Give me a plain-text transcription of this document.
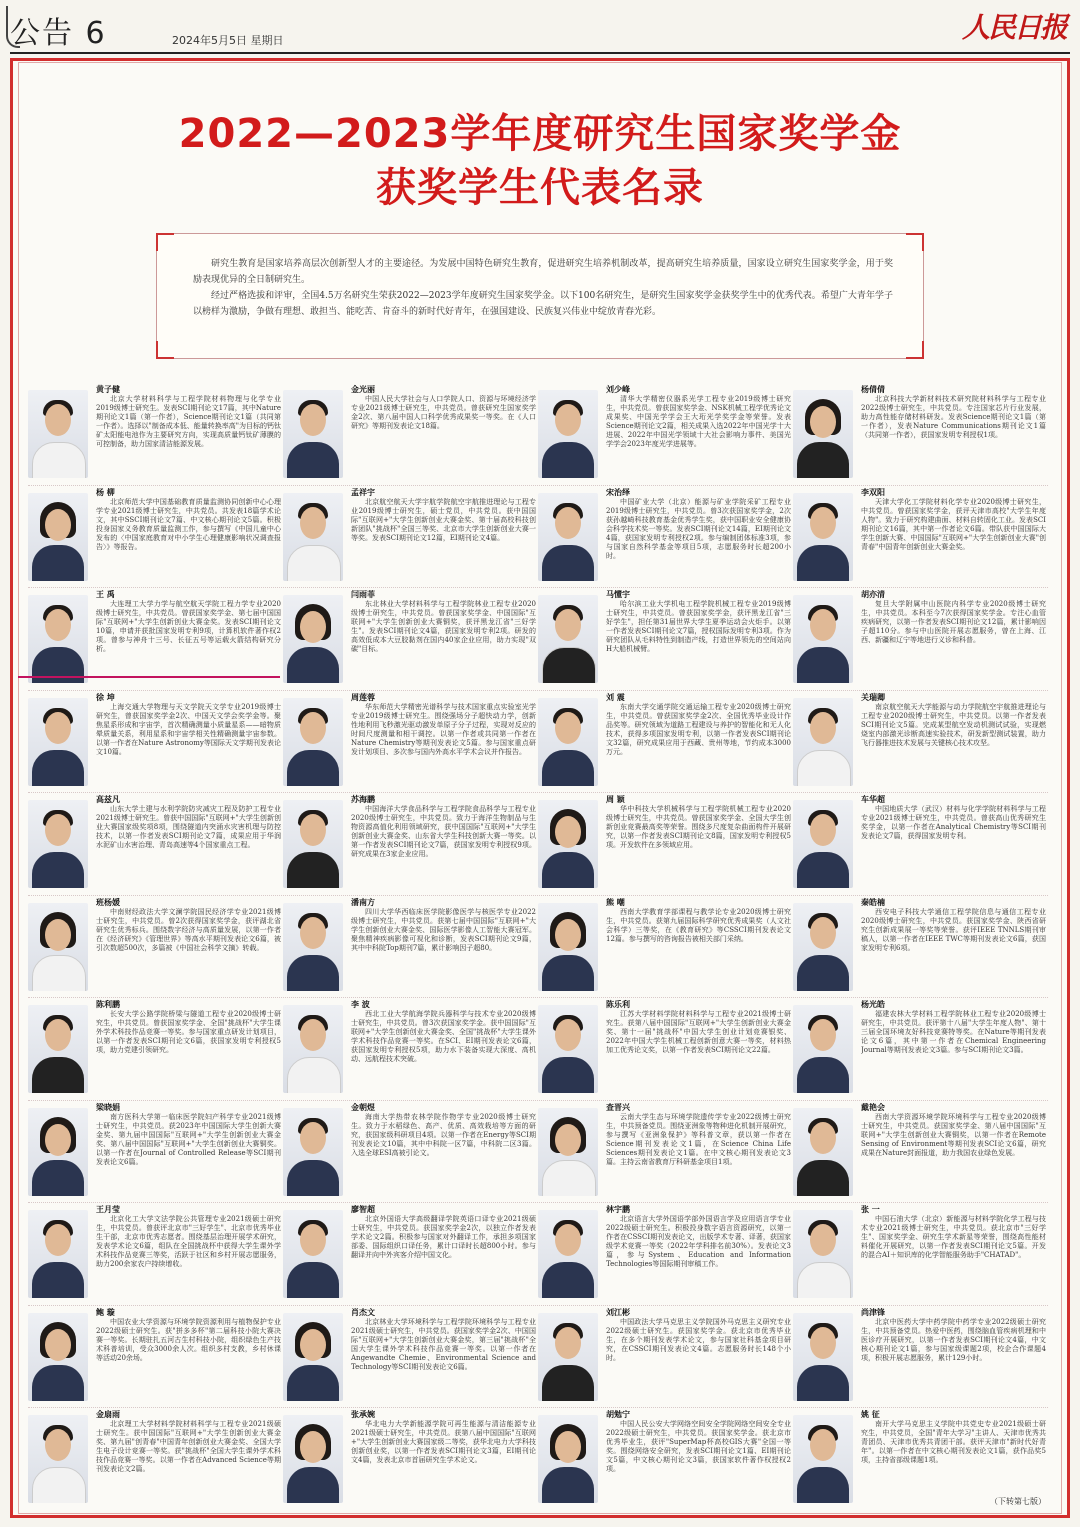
公告 6	2024年5月5日 星期日	人民日报
2022—2023学年度研究生国家奖学金
获奖学生代表名录

研究生教育是国家培养高层次创新型人才的主要途径。为发展中国特色研究生教育，促进研究生培养机制改革，提高研究生培养质量，国家设立研究生国家奖学金，用于奖励表现优异的全日制研究生。

经过严格选拔和评审，全国4.5万名研究生荣获2022—2023学年度研究生国家奖学金。以下100名研究生，是研究生国家奖学金获奖学生中的优秀代表。希望广大青年学子以榜样为激励，争做有理想、敢担当、能吃苦、肯奋斗的新时代好青年，在强国建设、民族复兴伟业中绽放青春光彩。

黄子健
北京大学材料科学与工程学院材料物理与化学专业2019级博士研究生。发表SCI期刊论文17篇，其中Nature期刊论文1篇（第一作者），Science期刊论文1篇（共同第一作者）。选择以"制备成本低、能量转换率高"为目标的钙钛矿太阳能电池作为主要研究方向，实现高质量钙钛矿薄膜的可控制备，助力国家清洁能源发展。
金光丽
中国人民大学社会与人口学院人口、资源与环境经济学专业2021级博士研究生，中共党员。曾获研究生国家奖学金2次、第八届中国人口科学优秀成果奖一等奖。在《人口研究》等期刊发表论文18篇。
刘少峰
清华大学精密仪器系光学工程专业2019级博士研究生，中共党员。曾获国家奖学金、NSK机械工程学优秀论文成果奖、中国光学学会王大珩光学奖学金等荣誉。发表Science期刊论文2篇，相关成果入选2022年中国光学十大进展、2022年中国光学领域十大社会影响力事件、美国光学学会2023年度光学进展等。
杨倩倩
北京科技大学新材料技术研究院材料科学与工程专业2022级博士研究生，中共党员。专注国家芯片行业发展，助力高性能存储材料研发。发表Science期刊论文1篇（第一作者），发表Nature Communications期刊论文1篇（共同第一作者），获国家发明专利授权1项。
杨 柳
北京师范大学中国基础教育质量监测协同创新中心心理学专业2021级博士研究生，中共党员。共发表18篇学术论文，其中SSCI期刊论文7篇、中文核心期刊论文5篇。积极投身国家义务教育质量监测工作，参与撰写《中国儿童中心发布的〈中国家庭教育对中小学生心理健康影响状况调查报告〉》等报告。
孟祥宇
北京航空航天大学宇航学院航空宇航推进理论与工程专业2019级博士研究生，硕士党员，中共党员。获中国国际"互联网+"大学生创新创业大赛金奖、第十届高校科技创新团队"挑战杯"全国三等奖、北京市大学生创新创业大赛一等奖。发表SCI期刊论文12篇，EI期刊论文4篇。
宋治绎
中国矿业大学（北京）能源与矿业学院采矿工程专业2019级博士研究生，中共党员。曾3次获国家奖学金，2次获孙越崎科技教育基金优秀学生奖，获中国职业安全健康协会科学技术奖一等奖。发表SCI期刊论文14篇，EI期刊论文4篇，获国家发明专利授权2项。参与编制团体标准3项，参与国家自然科学基金等项目5项，志愿服务时长超200小时。
李双阳
天津大学化工学院材料化学专业2020级博士研究生，中共党员。曾获国家奖学金，获评天津市高校"大学生年度人物"。致力于研究构建曲面、材料自转固化工业。发表SCI期刊论文16篇，其中第一作者论文6篇。带队获中国国际大学生创新大赛、中国国际"互联网+"大学生创新创业大赛"创青春"中国青年创新创业大赛金奖。
王 禹
大连理工大学力学与航空航天学院工程力学专业2020级博士研究生，中共党员。曾获国家奖学金、第七届中国国际"互联网+"大学生创新创业大赛金奖。发表SCI期刊论文10篇，申请并获批国家发明专利9项，计算机软件著作权2项。曾参与神舟十三号、长征五号等运载火箭结构研究分析。
闫雨菲
东北林业大学材料科学与工程学院林业工程专业2020级博士研究生，中共党员。曾获国家奖学金、中国国际"互联网+"大学生创新创业大赛铜奖，获评黑龙江省"三好学生"。发表SCI期刊论文4篇，获国家发明专利2项。研发的高效低成本大豆胶黏剂在国内40家企业应用，助力实现"双碳"目标。
马懂宇
哈尔滨工业大学机电工程学院机械工程专业2019级博士研究生，中共党员。曾获国家奖学金，获评黑龙江省"三好学生"，担任第31届世界大学生夏季运动会火炬手。以第一作者发表SCI期刊论文7篇，授权国际发明专利3项。作为研究团队从毛料特性到制造产线，打造世界领先的空间站向H大船机械臂。
胡亦清
复旦大学附属中山医院内科学专业2020级博士研究生，中共党员。本科至今7次获得国家奖学金。专注心血管疾病研究，以第一作者发表SCI期刊论文12篇，累计影响因子超110分。参与中山医院开展志愿服务，曾在上海、江西、新疆和辽宁等地进行义诊和科普。
徐 坤
上海交通大学物理与天文学院天文学专业2019级博士研究生，曾获国家奖学金2次、中国天文学会奖学金等。聚焦星系形成和宇宙学，首次精确测量小质量星系——暗物质晕质量关系，利用星系和宇宙学相关性精确测量宇宙参数。以第一作者在Nature Astronomy等国际天文学期刊发表论文10篇。
周莲蓉
华东师范大学精密光谱科学与技术国家重点实验室光学专业2019级博士研究生。围绕强场分子超快动力学，创新性地利用飞秒激光驱动激发单原子分子过程，实现对反应的时间尺度测量和相干调控。以第一作者或共同第一作者在Nature Chemistry等期刊发表论文5篇。参与国家重点研发计划项目、多次参与国内外高水平学术会议并作报告。
刘 震
东南大学交通学院交通运输工程专业2020级博士研究生，中共党员。曾获国家奖学金2次、全国优秀毕业设计作品奖等。研究领域为道路工程建设与养护的智能化和无人化技术，获得多项国家发明专利，以第一作者发表SCI期刊论文32篇，研究成果应用于西藏、贵州等地，节约成本3000万元。
关瑞卿
南京航空航天大学能源与动力学院航空宇航推进理论与工程专业2020级博士研究生，中共党员。以第一作者发表SCI期刊论文5篇。完成某型航空发动机测试试验，实现燃烧室内部激光诊断高速实验技术，研发新型测试装置，助力飞行器推进技术发展与关键核心技术攻坚。
高兹凡
山东大学土建与水利学院防灾减灾工程及防护工程专业2021级博士研究生。曾获中国国际"互联网+"大学生创新创业大赛国家级奖项8项，围绕隧道内突涌水灾害机理与防控技术，以第一作者发表SCI期刊论文7篇，成果应用于华润水泥矿山水害治理、青岛高速等4个国家重点工程。
苏海鹏
中国海洋大学食品科学与工程学院食品科学与工程专业2020级博士研究生，中共党员。致力于海洋生物制品与生物资源高值化利用领域研究，获中国国际"互联网+"大学生创新创业大赛金奖、山东省大学生科技创新大赛一等奖。以第一作者发表SCI期刊论文7篇，获国家发明专利授权9项。研究成果在3家企业应用。
周 颖
华中科技大学机械科学与工程学院机械工程专业2020级博士研究生，中共党员。曾获国家奖学金、全国大学生创新创业竞赛最高奖等荣誉。围绕多尺度复杂曲面构件开展研究，以第一作者发表SCI期刊论文8篇，国家发明专利授权5项。开发软件在多领域应用。
车华超
中国地质大学（武汉）材料与化学学院材料科学与工程专业2021级博士研究生，中共党员。曾获高山优秀研究生奖学金，以第一作者在Analytical Chemistry等SCI期刊发表论文7篇，获得国家发明专利。
班杨媛
中南财经政法大学文澜学院国民经济学专业2021级博士研究生，中共党员。曾2次获得国家奖学金，获评湖北省研究生优秀标兵。围绕数字经济与高质量发展，以第一作者在《经济研究》《管理世界》等高水平期刊发表论文6篇，被引次数超500次，多篇被《中国社会科学文摘》转载。
潘南方
四川大学华西临床医学院影像医学与核医学专业2022级博士研究生，中共党员。获第七届中国国际"互联网+"大学生创新创业大赛金奖、国际医学影像人工智能大赛冠军。聚焦精神疾病影像可视化和诊断，发表SCI期刊论文9篇，其中中科院Top期刊7篇，累计影响因子超80。
熊 嘲
西南大学教育学部课程与教学论专业2020级博士研究生，中共党员。获第九届国际科学研究优秀成果奖（人文社会科学）三等奖，在《教育研究》等CSSCI期刊发表论文12篇。参与撰写的咨询报告被相关部门采纳。
秦皓楠
西安电子科技大学通信工程学院信息与通信工程专业2020级博士研究生，中共党员。获国家奖学金、陕西省研究生创新成果展一等奖等荣誉。获评IEEE TNNLS期刊审稿人，以第一作者在IEEE TWC等期刊发表论文6篇，获国家发明专利6项。
陈利鹏
长安大学公路学院桥梁与隧道工程专业2020级博士研究生，中共党员。曾获国家奖学金、全国"挑战杯"大学生课外学术科技作品竞赛一等奖。参与国家重点研发计划项目，以第一作者发表SCI期刊论文6篇，获国家发明专利授权5项，助力党建引领研究。
李 波
西北工业大学航海学院兵器科学与技术专业2020级博士研究生，中共党员。曾3次获国家奖学金。获中国国际"互联网+"大学生创新创业大赛金奖、全国"挑战杯"大学生课外学术科技作品竞赛一等奖。在SCI、EI期刊发表论文6篇，获国家发明专利授权5项，助力水下装备实现大深度、高机动、远航程技术突破。
陈乐利
江苏大学材料学院材料科学与工程专业2021级博士研究生。获第八届中国国际"互联网+"大学生创新创业大赛金奖、第十一届"挑战杯"中国大学生创业计划竞赛银奖、2022年中国大学生机械工程创新创意大赛一等奖，材料热加工优秀论文奖，以第一作者发表SCI期刊论文22篇。
杨光皓
福建农林大学材料工程学院林业工程专业2020级博士研究生，中共党员。获评第十八届"大学生年度人物"、第十三届全国环境友好科技竞赛特等奖。在Nature等期刊发表论文6篇，其中第一作者在Chemical Engineering Journal等期刊发表论文3篇。参与SCI期刊论文3篇。
梁晓娟
南方医科大学第一临床医学院妇产科学专业2021级博士研究生，中共党员。获2023年中国国际大学生创新大赛金奖、第九届中国国际"互联网+"大学生创新创业大赛金奖、第八届中国国际"互联网+"大学生创新创业大赛铜奖。以第一作者在Journal of Controlled Release等SCI期刊发表论文6篇。
金朝煜
海南大学热带农林学院作物学专业2020级博士研究生。致力于水稻绿色、高产、优质、高效栽培等方面的研究，获国家级科研项目4项。以第一作者在Energy等SCI期刊发表论文10篇，其中中科院一区7篇，中科院二区3篇。入选全球ESI高被引论文。
查晋兴
云南大学生态与环境学院遗传学专业2022级博士研究生，中共预备党员。围绕亚洲象等物种进化机制开展研究，参与撰写《亚洲象保护》等科普文章，获以第一作者在Science期刊发表论文1篇，在Science China Life Sciences期刊发表论文1篇。在中文核心期刊发表论文3篇。主持云南省教育厅科研基金项目1项。
戴艳会
西南大学资源环境学院环境科学与工程专业2020级博士研究生，中共党员。获国家奖学金、第八届中国国际"互联网+"大学生创新创业大赛铜奖，以第一作者在Remote Sensing of Environment等期刊发表SCI论文6篇，研究成果在Nature封面报道，助力我国农业绿色发展。
王月莹
北京化工大学文法学院公共管理专业2021级硕士研究生，中共党员。曾获评北京市"三好学生"、北京市优秀毕业生干部，北京市优秀志愿者。围绕基层治理开展学术研究，发表学术论文6篇，组队在全国挑战杯中获得大学生课外学术科技作品竞赛三等奖，活跃于社区和乡村开展志愿服务，助力200余家农户持续增收。
廖智超
北京外国语大学高级翻译学院英语口译专业2021级硕士研究生，中共党员。获国家奖学金2次，以独立作者发表学术论文2篇。积极参与国家对外翻译工作，承担多项国家部委、国际组织口译任务，累计口译时长超800小时。参与翻译并向中外宾客介绍中国文化。
林宇鹏
北京语言大学外国语学部外国语言学及应用语言学专业2022级硕士研究生。积极投身数字语言资源研究，以第一作者在CSSCI期刊发表论文，出版学术专著、译著，获国家级学术竞赛一等奖（2022年学科排名前30%）。发表论文3篇，参与System、Education and Information Technologies等国际期刊审稿工作。
张 一
中国石油大学（北京）新能源与材料学院化学工程与技术专业2021级博士研究生，中共党员。获北京市"三好学生"、国家奖学金、研究生学术新星等荣誉，围绕高性能材料催化开展研究，以第一作者发表SCI期刊论文5篇。开发的混合AI＋知识库的化学智能服务助手"CHATAD"。
鲍 璇
中国农业大学资源与环境学院资源利用与植物保护专业2022级硕士研究生。获"拼多多杯"第二届科技小院大赛决赛一等奖。长期驻扎五河古生村科技小院，组织绿色生产技术科普培训，受众3000余人次。组织多村支教，乡村休课等活动20余场。
肖杰文
北京林业大学环境科学与工程学院环境科学与工程专业2021级硕士研究生，中共党员。获国家奖学金2次、中国国际"互联网+"大学生创新创业大赛金奖，第三届"挑战杯"全国大学生课外学术科技作品竞赛一等奖。以第一作者在Angewandte Chemie、Environmental Science and Technology等SCI期刊发表论文6篇。
刘江彬
中国政法大学马克思主义学院国外马克思主义研究专业2022级硕士研究生。获国家奖学金。获北京市优秀毕业生，在多个期刊发表学术论文，参与国家社科基金项目研究，在CSSCI期刊发表论文4篇。志愿服务时长148个小时。
尚津锋
北京中医药大学中药学院中药学专业2022级硕士研究生，中共预备党员。热爱中医药，围绕脑血管疾病机理和中医诊疗开展研究，以第一作者发表SCI期刊论文4篇，中文核心期刊论文1篇，参与国家级课题2项，校企合作课题4项，积极开展志愿服务，累计129小时。
金扇雨
北京理工大学材料学院材料科学与工程专业2021级硕士研究生。获中国国际"互联网+"大学生创新创业大赛金奖、第九届"创青春"中国青年创新创业大赛金奖、全国大学生电子设计竞赛一等奖。获"挑战杯"全国大学生课外学术科技作品竞赛一等奖。以第一作者在Advanced Science等期刊发表论文2篇。
张承婉
华北电力大学新能源学院可再生能源与清洁能源专业2021级硕士研究生，中共党员。获第八届中国国际"互联网+"大学生创新创业大赛国家级二等奖，获华北电力大学科技创新创业奖，以第一作者发表SCI期刊论文3篇，EI期刊论文4篇，发表北京市首届研究生学术论文。
胡勉宁
中国人民公安大学网络空间安全学院网络空间安全专业2022级硕士研究生，中共党员。获国家奖学金。获北京市优秀毕业生，获评"SuperMap杯高校GIS大赛"全国一等奖。围绕网络安全研究，发表SCI期刊论文1篇、EI期刊论文5篇，中文核心期刊论文3篇，获国家软件著作权授权2项。
姚 征
南开大学马克思主义学院中共党史专业2021级硕士研究生，中共党员，全国"青年大学习"主讲人、天津市优秀共青团员、天津市优秀共青团干部。获评天津市"新时代好青年"。以第一作者在中文核心期刊发表论文1篇，获作品奖5项，主持省部级课题1项。
（下转第七版）
